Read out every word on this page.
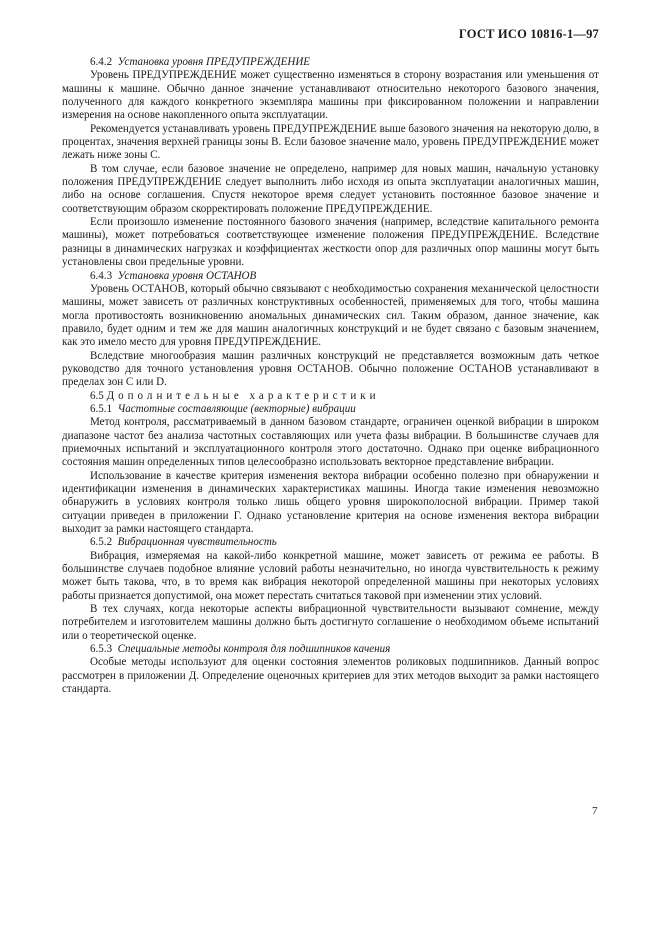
ГОСТ ИСО 10816-1—97

6.4.2 Установка уровня ПРЕДУПРЕЖДЕНИЕ

Уровень ПРЕДУПРЕЖДЕНИЕ может существенно изменяться в сторону возрастания или уменьшения от машины к машине. Обычно данное значение устанавливают относительно некоторого базового значения, полученного для каждого конкретного экземпляра машины при фиксированном положении и направлении измерения на основе накопленного опыта эксплуатации.

Рекомендуется устанавливать уровень ПРЕДУПРЕЖДЕНИЕ выше базового значения на некоторую долю, в процентах, значения верхней границы зоны B. Если базовое значение мало, уровень ПРЕДУПРЕЖДЕНИЕ может лежать ниже зоны C.

В том случае, если базовое значение не определено, например для новых машин, начальную установку положения ПРЕДУПРЕЖДЕНИЕ следует выполнить либо исходя из опыта эксплуатации аналогичных машин, либо на основе соглашения. Спустя некоторое время следует установить постоянное базовое значение и соответствующим образом скорректировать положение ПРЕДУПРЕЖДЕНИЕ.

Если произошло изменение постоянного базового значения (например, вследствие капитального ремонта машины), может потребоваться соответствующее изменение положения ПРЕДУПРЕЖДЕНИЕ. Вследствие разницы в динамических нагрузках и коэффициентах жесткости опор для различных опор машины могут быть установлены свои предельные уровни.

6.4.3 Установка уровня ОСТАНОВ

Уровень ОСТАНОВ, который обычно связывают с необходимостью сохранения механической целостности машины, может зависеть от различных конструктивных особенностей, применяемых для того, чтобы машина могла противостоять возникновению аномальных динамических сил. Таким образом, данное значение, как правило, будет одним и тем же для машин аналогичных конструкций и не будет связано с базовым значением, как это имело место для уровня ПРЕДУПРЕЖДЕНИЕ.

Вследствие многообразия машин различных конструкций не представляется возможным дать четкое руководство для точного установления уровня ОСТАНОВ. Обычно положение ОСТАНОВ устанавливают в пределах зон C или D.

6.5 Дополнительные характеристики

6.5.1 Частотные составляющие (векторные) вибрации

Метод контроля, рассматриваемый в данном базовом стандарте, ограничен оценкой вибрации в широком диапазоне частот без анализа частотных составляющих или учета фазы вибрации. В большинстве случаев для приемочных испытаний и эксплуатационного контроля этого достаточно. Однако при оценке вибрационного состояния машин определенных типов целесообразно использовать векторное представление вибрации.

Использование в качестве критерия изменения вектора вибрации особенно полезно при обнаружении и идентификации изменения в динамических характеристиках машины. Иногда такие изменения невозможно обнаружить в условиях контроля только лишь общего уровня широкополосной вибрации. Пример такой ситуации приведен в приложении Г. Однако установление критерия на основе изменения вектора вибрации выходит за рамки настоящего стандарта.

6.5.2 Вибрационная чувствительность

Вибрация, измеряемая на какой-либо конкретной машине, может зависеть от режима ее работы. В большинстве случаев подобное влияние условий работы незначительно, но иногда чувствительность к режиму может быть такова, что, в то время как вибрация некоторой определенной машины при некоторых условиях работы признается допустимой, она может перестать считаться таковой при изменении этих условий.

В тех случаях, когда некоторые аспекты вибрационной чувствительности вызывают сомнение, между потребителем и изготовителем машины должно быть достигнуто соглашение о необходимом объеме испытаний или о теоретической оценке.

6.5.3 Специальные методы контроля для подшипников качения

Особые методы используют для оценки состояния элементов роликовых подшипников. Данный вопрос рассмотрен в приложении Д. Определение оценочных критериев для этих методов выходит за рамки настоящего стандарта.

7
